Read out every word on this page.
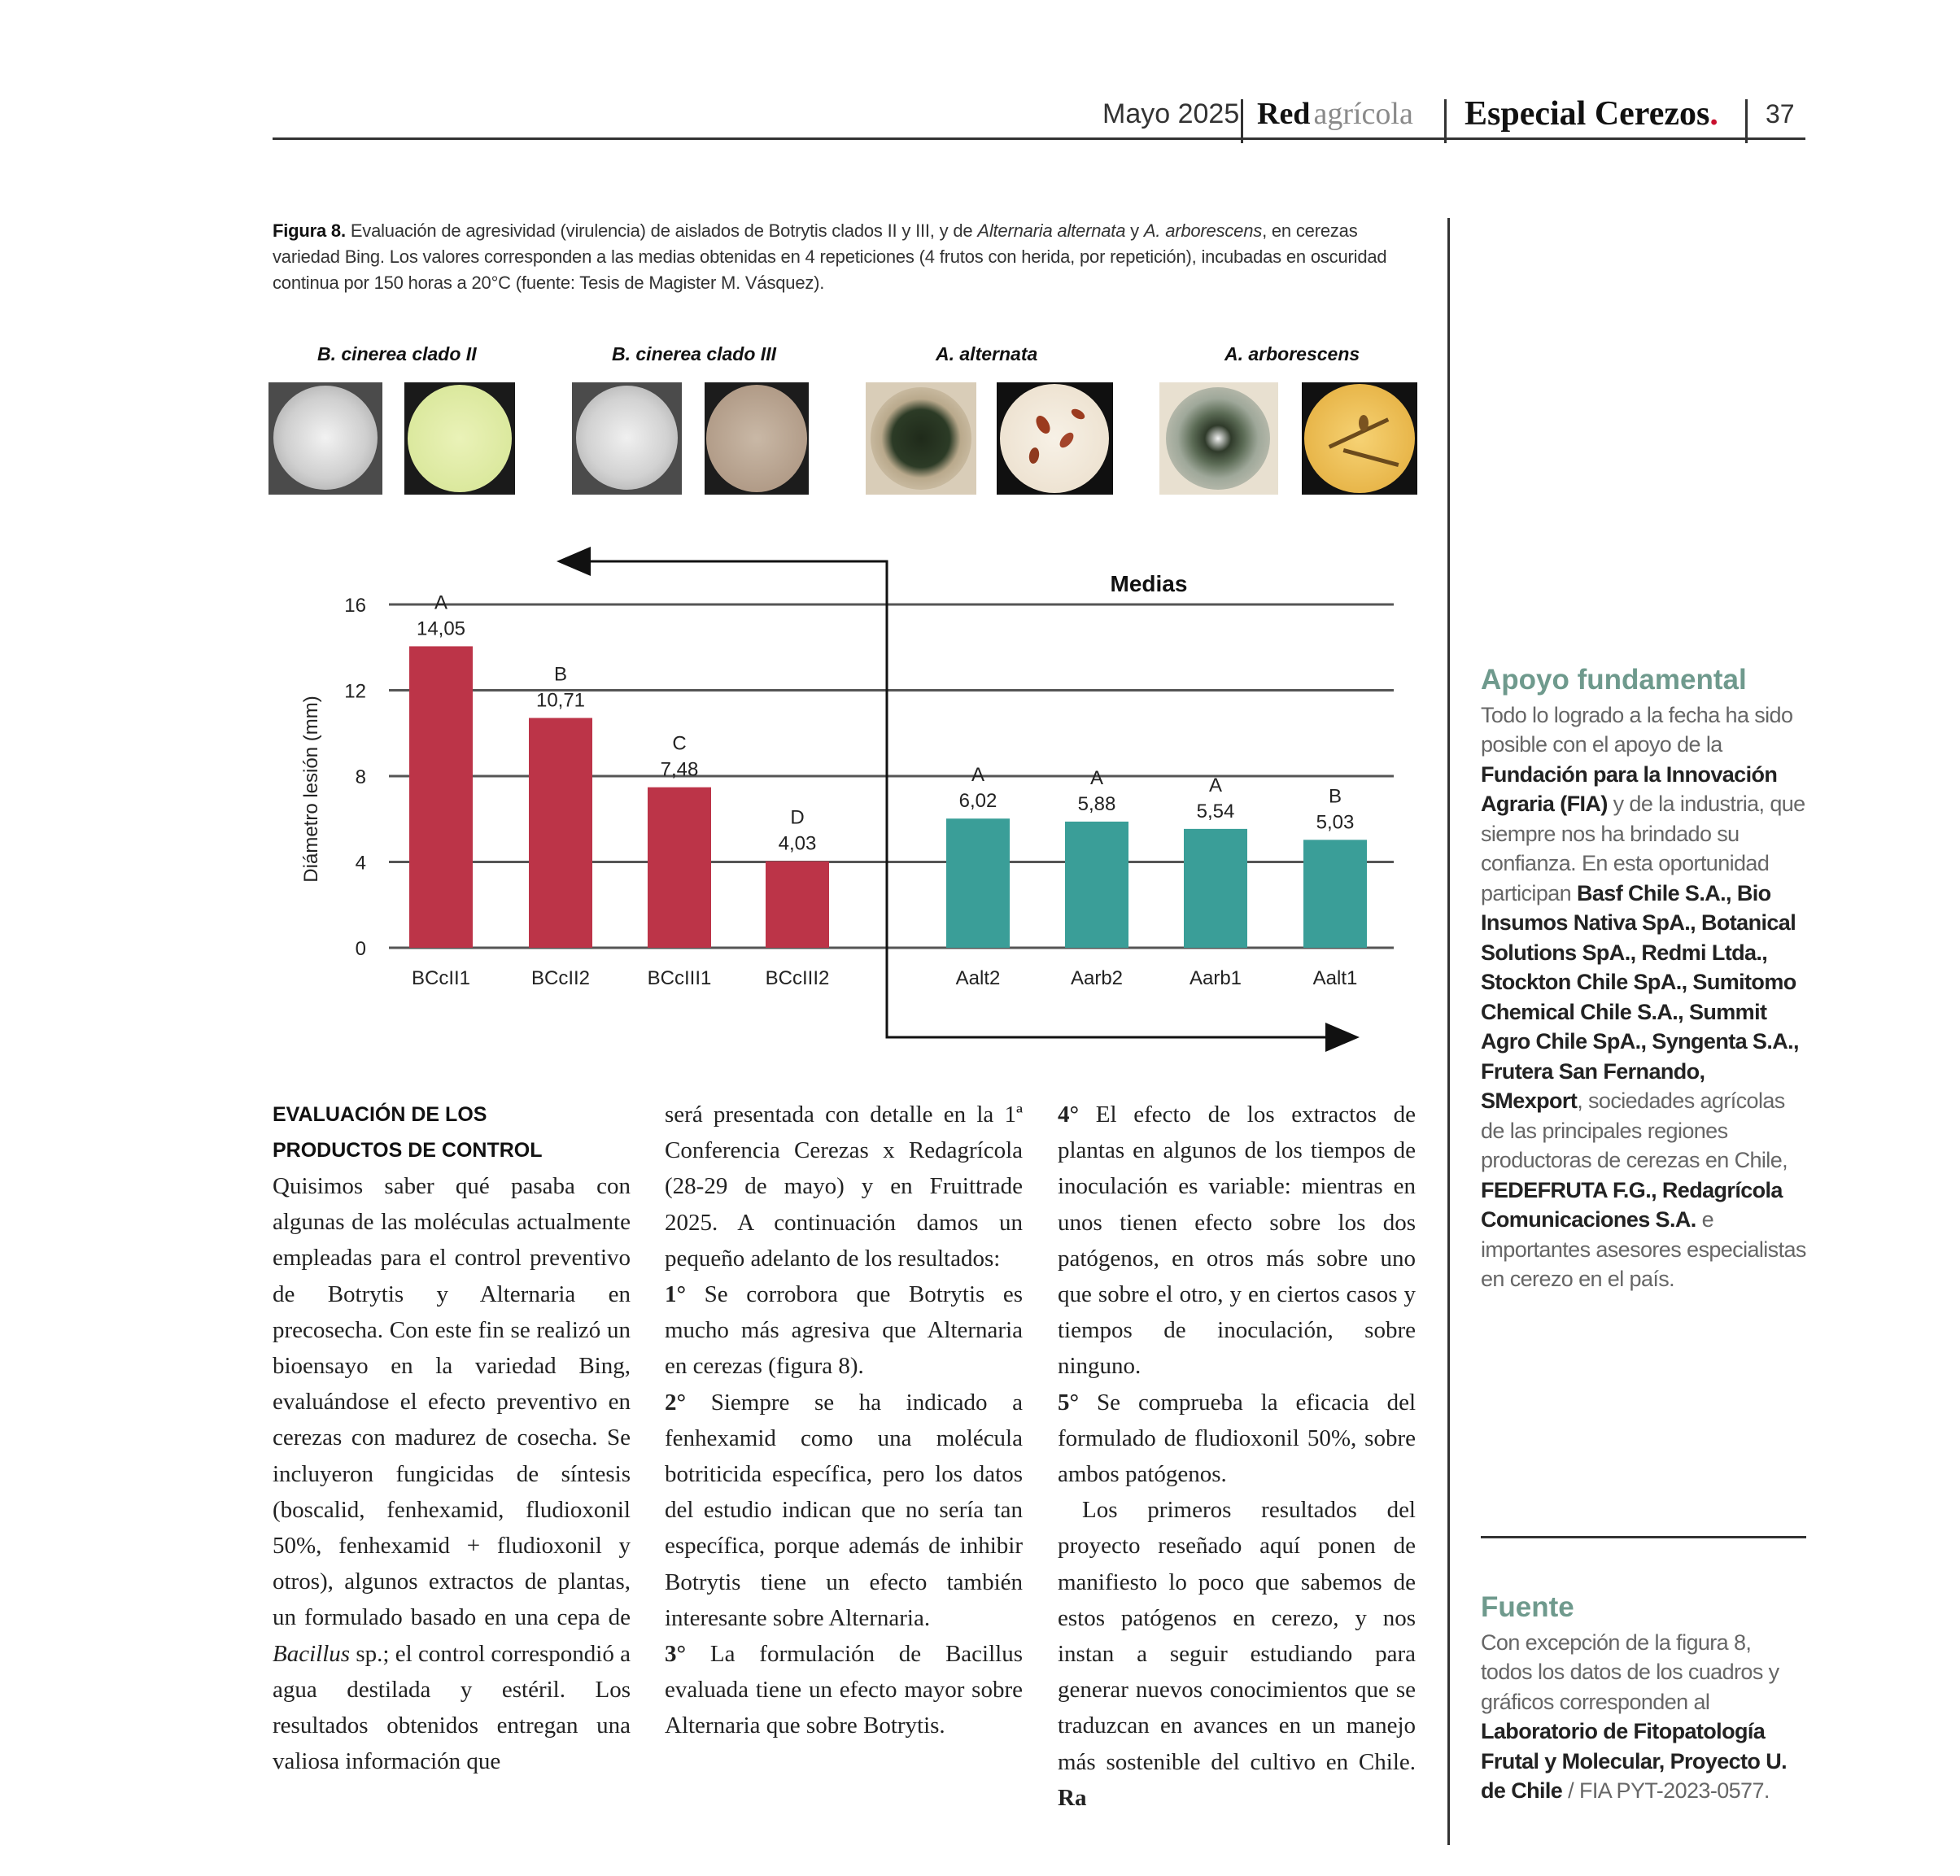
Mayo 2025 Red agrícola Especial Cerezos . 37
Figura 8. Evaluación de agresividad (virulencia) de aislados de Botrytis clados II y III, y de Alternaria alternata y A. arborescens, en cerezas variedad Bing. Los valores corresponden a las medias obtenidas en 4 repeticiones (4 frutos con herida, por repetición), incubadas en oscuridad continua por 150 horas a 20°C (fuente: Tesis de Magister M. Vásquez).
B. cinerea clado II	B. cinerea clado III	A. alternata	A. arborescens
0
4
8
12
16
14,05
A
BCcII1
10,71
B
BCcII2
7,48
C
BCcIII1
4,03
D
BCcIII2
6,02
A
Aalt2
5,88
A
Aarb2
5,54
A
Aarb1
5,03
B
Aalt1
Medias
Diámetro lesión (mm)
EVALUACIÓN DE LOS
PRODUCTOS DE CONTROL

Quisimos saber qué pasaba con algunas de las moléculas actualmente empleadas para el control preventivo de Botrytis y Alternaria en precosecha. Con este fin se realizó un bioensayo en la variedad Bing, evaluándose el efecto preventivo en cerezas con madurez de cosecha. Se incluyeron fungicidas de síntesis (boscalid, fenhexamid, fludioxonil 50%, fenhexamid + fludioxonil y otros), algunos extractos de plantas, un formulado basado en una cepa de Bacillus sp.; el control correspondió a agua destilada y estéril. Los resultados obtenidos entregan una valiosa información que

será presentada con detalle en la 1ª Conferencia Cerezas x Redagrícola (28-29 de mayo) y en Fruittrade 2025. A continuación damos un pequeño adelanto de los resultados:

1° Se corrobora que Botrytis es mucho más agresiva que Alternaria en cerezas (figura 8).

2° Siempre se ha indicado a fenhexamid como una molécula botriticida específica, pero los datos del estudio indican que no sería tan específica, porque además de inhibir Botrytis tiene un efecto también interesante sobre Alternaria.

3° La formulación de Bacillus evaluada tiene un efecto mayor sobre Alternaria que sobre Botrytis.

4° El efecto de los extractos de plantas en algunos de los tiempos de inoculación es variable: mientras en unos tienen efecto sobre los dos patógenos, en otros más sobre uno que sobre el otro, y en ciertos casos y tiempos de inoculación, sobre ninguno.

5° Se comprueba la eficacia del formulado de fludioxonil 50%, sobre ambos patógenos.

Los primeros resultados del proyecto reseñado aquí ponen de manifiesto lo poco que sabemos de estos patógenos en cerezo, y nos instan a seguir estudiando para generar nuevos conocimientos que se traduzcan en avances en un manejo más sostenible del cultivo en Chile. Ra

Apoyo fundamental
Todo lo logrado a la fecha ha sido posible con el apoyo de la Fundación para la Innovación Agraria (FIA) y de la industria, que siempre nos ha brindado su confianza. En esta oportunidad participan Basf Chile S.A., Bio Insumos Nativa SpA., Botanical Solutions SpA., Redmi Ltda., Stockton Chile SpA., Sumitomo Chemical Chile S.A., Summit Agro Chile SpA., Syngenta S.A., Frutera San Fernando, SMexport, sociedades agrícolas de las principales regiones productoras de cerezas en Chile, FEDEFRUTA F.G., Redagrícola Comunicaciones S.A. e importantes asesores especialistas en cerezo en el país.
Fuente
Con excepción de la figura 8, todos los datos de los cuadros y gráficos corresponden al Laboratorio de Fitopatología Frutal y Molecular, Proyecto U. de Chile / FIA PYT-2023-0577.
